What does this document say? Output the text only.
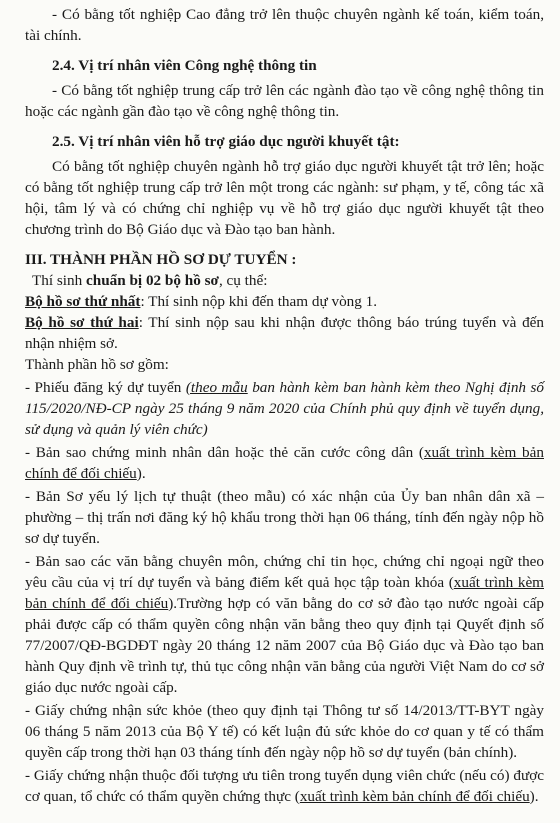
- Có bằng tốt nghiệp Cao đẳng trở lên thuộc chuyên ngành kế toán, kiểm toán, tài chính.

2.4. Vị trí nhân viên Công nghệ thông tin

- Có bằng tốt nghiệp trung cấp trở lên các ngành đào tạo về công nghệ thông tin hoặc các ngành gần đào tạo về công nghệ thông tin.

2.5. Vị trí nhân viên hỗ trợ giáo dục người khuyết tật:

Có bằng tốt nghiệp chuyên ngành hỗ trợ giáo dục người khuyết tật trở lên; hoặc có bằng tốt nghiệp trung cấp trở lên một trong các ngành: sư phạm, y tế, công tác xã hội, tâm lý và có chứng chỉ nghiệp vụ về hỗ trợ giáo dục người khuyết tật theo chương trình do Bộ Giáo dục và Đào tạo ban hành.

III. THÀNH PHẦN HỒ SƠ DỰ TUYỂN :

Thí sinh chuẩn bị 02 bộ hồ sơ, cụ thể:

Bộ hồ sơ thứ nhất: Thí sinh nộp khi đến tham dự vòng 1.

Bộ hồ sơ thứ hai: Thí sinh nộp sau khi nhận được thông báo trúng tuyển và đến nhận nhiệm sở.

Thành phần hồ sơ gồm:

- Phiếu đăng ký dự tuyển (theo mẫu ban hành kèm ban hành kèm theo Nghị định số 115/2020/NĐ-CP ngày 25 tháng 9 năm 2020 của Chính phủ quy định về tuyển dụng, sử dụng và quản lý viên chức)

- Bản sao chứng minh nhân dân hoặc thẻ căn cước công dân (xuất trình kèm bản chính để đối chiếu).

- Bản Sơ yếu lý lịch tự thuật (theo mẫu) có xác nhận của Ủy ban nhân dân xã – phường – thị trấn nơi đăng ký hộ khẩu trong thời hạn 06 tháng, tính đến ngày nộp hồ sơ dự tuyển.

- Bản sao các văn bằng chuyên môn, chứng chỉ tin học, chứng chỉ ngoại ngữ theo yêu cầu của vị trí dự tuyển và bảng điểm kết quả học tập toàn khóa (xuất trình kèm bản chính để đối chiếu).Trường hợp có văn bằng do cơ sở đào tạo nước ngoài cấp phải được cấp có thẩm quyền công nhận văn bằng theo quy định tại Quyết định số 77/2007/QĐ-BGDĐT ngày 20 tháng 12 năm 2007 của Bộ Giáo dục và Đào tạo ban hành Quy định về trình tự, thủ tục công nhận văn bằng của người Việt Nam do cơ sở giáo dục nước ngoài cấp.

- Giấy chứng nhận sức khỏe (theo quy định tại Thông tư số 14/2013/TT-BYT ngày 06 tháng 5 năm 2013 của Bộ Y tế) có kết luận đủ sức khỏe do cơ quan y tế có thẩm quyền cấp trong thời hạn 03 tháng tính đến ngày nộp hồ sơ dự tuyển (bản chính).

- Giấy chứng nhận thuộc đối tượng ưu tiên trong tuyển dụng viên chức (nếu có) được cơ quan, tổ chức có thẩm quyền chứng thực (xuất trình kèm bản chính để đối chiếu).
